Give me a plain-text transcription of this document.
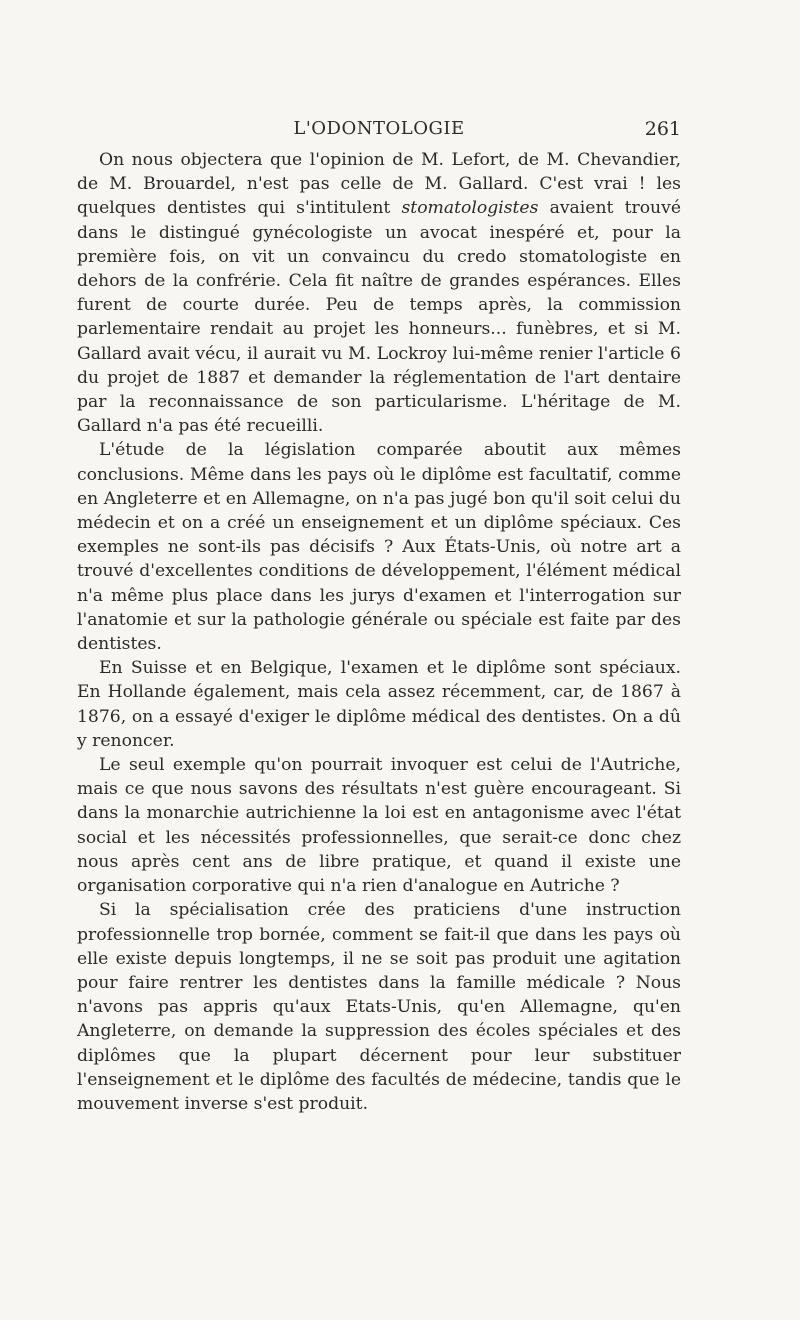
L'ODONTOLOGIE	261

On nous objectera que l'opinion de M. Lefort, de M. Chevandier, de M. Brouardel, n'est pas celle de M. Gallard. C'est vrai ! les quelques dentistes qui s'intitulent stomatologistes avaient trouvé dans le distingué gynécologiste un avocat inespéré et, pour la première fois, on vit un convaincu du credo stomatologiste en dehors de la confrérie. Cela fit naître de grandes espérances. Elles furent de courte durée. Peu de temps après, la commission parlementaire rendait au projet les honneurs... funèbres, et si M. Gallard avait vécu, il aurait vu M. Lockroy lui-même renier l'article 6 du projet de 1887 et demander la réglementation de l'art dentaire par la reconnaissance de son particularisme. L'héritage de M. Gallard n'a pas été recueilli.

L'étude de la législation comparée aboutit aux mêmes conclusions. Même dans les pays où le diplôme est facultatif, comme en Angleterre et en Allemagne, on n'a pas jugé bon qu'il soit celui du médecin et on a créé un enseignement et un diplôme spéciaux. Ces exemples ne sont-ils pas décisifs ? Aux États-Unis, où notre art a trouvé d'excellentes conditions de développement, l'élément médical n'a même plus place dans les jurys d'examen et l'interrogation sur l'anatomie et sur la pathologie générale ou spéciale est faite par des dentistes.

En Suisse et en Belgique, l'examen et le diplôme sont spéciaux. En Hollande également, mais cela assez récemment, car, de 1867 à 1876, on a essayé d'exiger le diplôme médical des dentistes. On a dû y renoncer.

Le seul exemple qu'on pourrait invoquer est celui de l'Autriche, mais ce que nous savons des résultats n'est guère encourageant. Si dans la monarchie autrichienne la loi est en antagonisme avec l'état social et les nécessités professionnelles, que serait-ce donc chez nous après cent ans de libre pratique, et quand il existe une organisation corporative qui n'a rien d'analogue en Autriche ?

Si la spécialisation crée des praticiens d'une instruction professionnelle trop bornée, comment se fait-il que dans les pays où elle existe depuis longtemps, il ne se soit pas produit une agitation pour faire rentrer les dentistes dans la famille médicale ? Nous n'avons pas appris qu'aux Etats-Unis, qu'en Allemagne, qu'en Angleterre, on demande la suppression des écoles spéciales et des diplômes que la plupart décernent pour leur substituer l'enseignement et le diplôme des facultés de médecine, tandis que le mouvement inverse s'est produit.
